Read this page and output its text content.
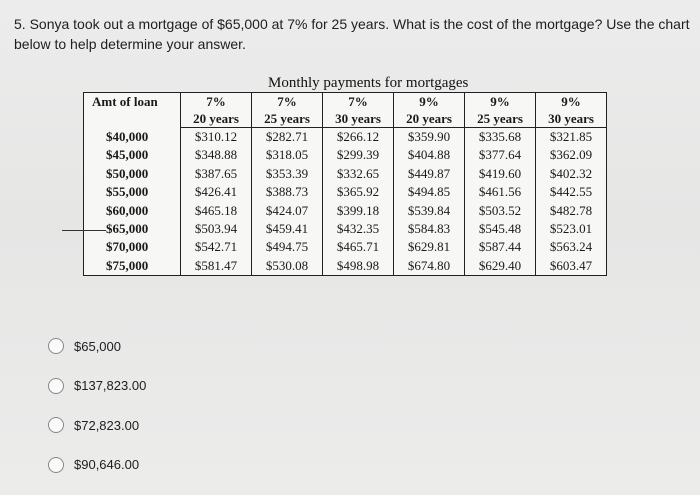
5. Sonya took out a mortgage of $65,000 at 7% for 25 years. What is the cost of the mortgage? Use the chart below to help determine your answer.
Monthly payments for mortgages
Amt of loan	7%	7%	7%	9%	9%	9%
	20 years	25 years	30 years	20 years	25 years	30 years
$40,000	$310.12	$282.71	$266.12	$359.90	$335.68	$321.85
$45,000	$348.88	$318.05	$299.39	$404.88	$377.64	$362.09
$50,000	$387.65	$353.39	$332.65	$449.87	$419.60	$402.32
$55,000	$426.41	$388.73	$365.92	$494.85	$461.56	$442.55
$60,000	$465.18	$424.07	$399.18	$539.84	$503.52	$482.78
$65,000	$503.94	$459.41	$432.35	$584.83	$545.48	$523.01
$70,000	$542.71	$494.75	$465.71	$629.81	$587.44	$563.24
$75,000	$581.47	$530.08	$498.98	$674.80	$629.40	$603.47
$65,000
$137,823.00
$72,823.00
$90,646.00
